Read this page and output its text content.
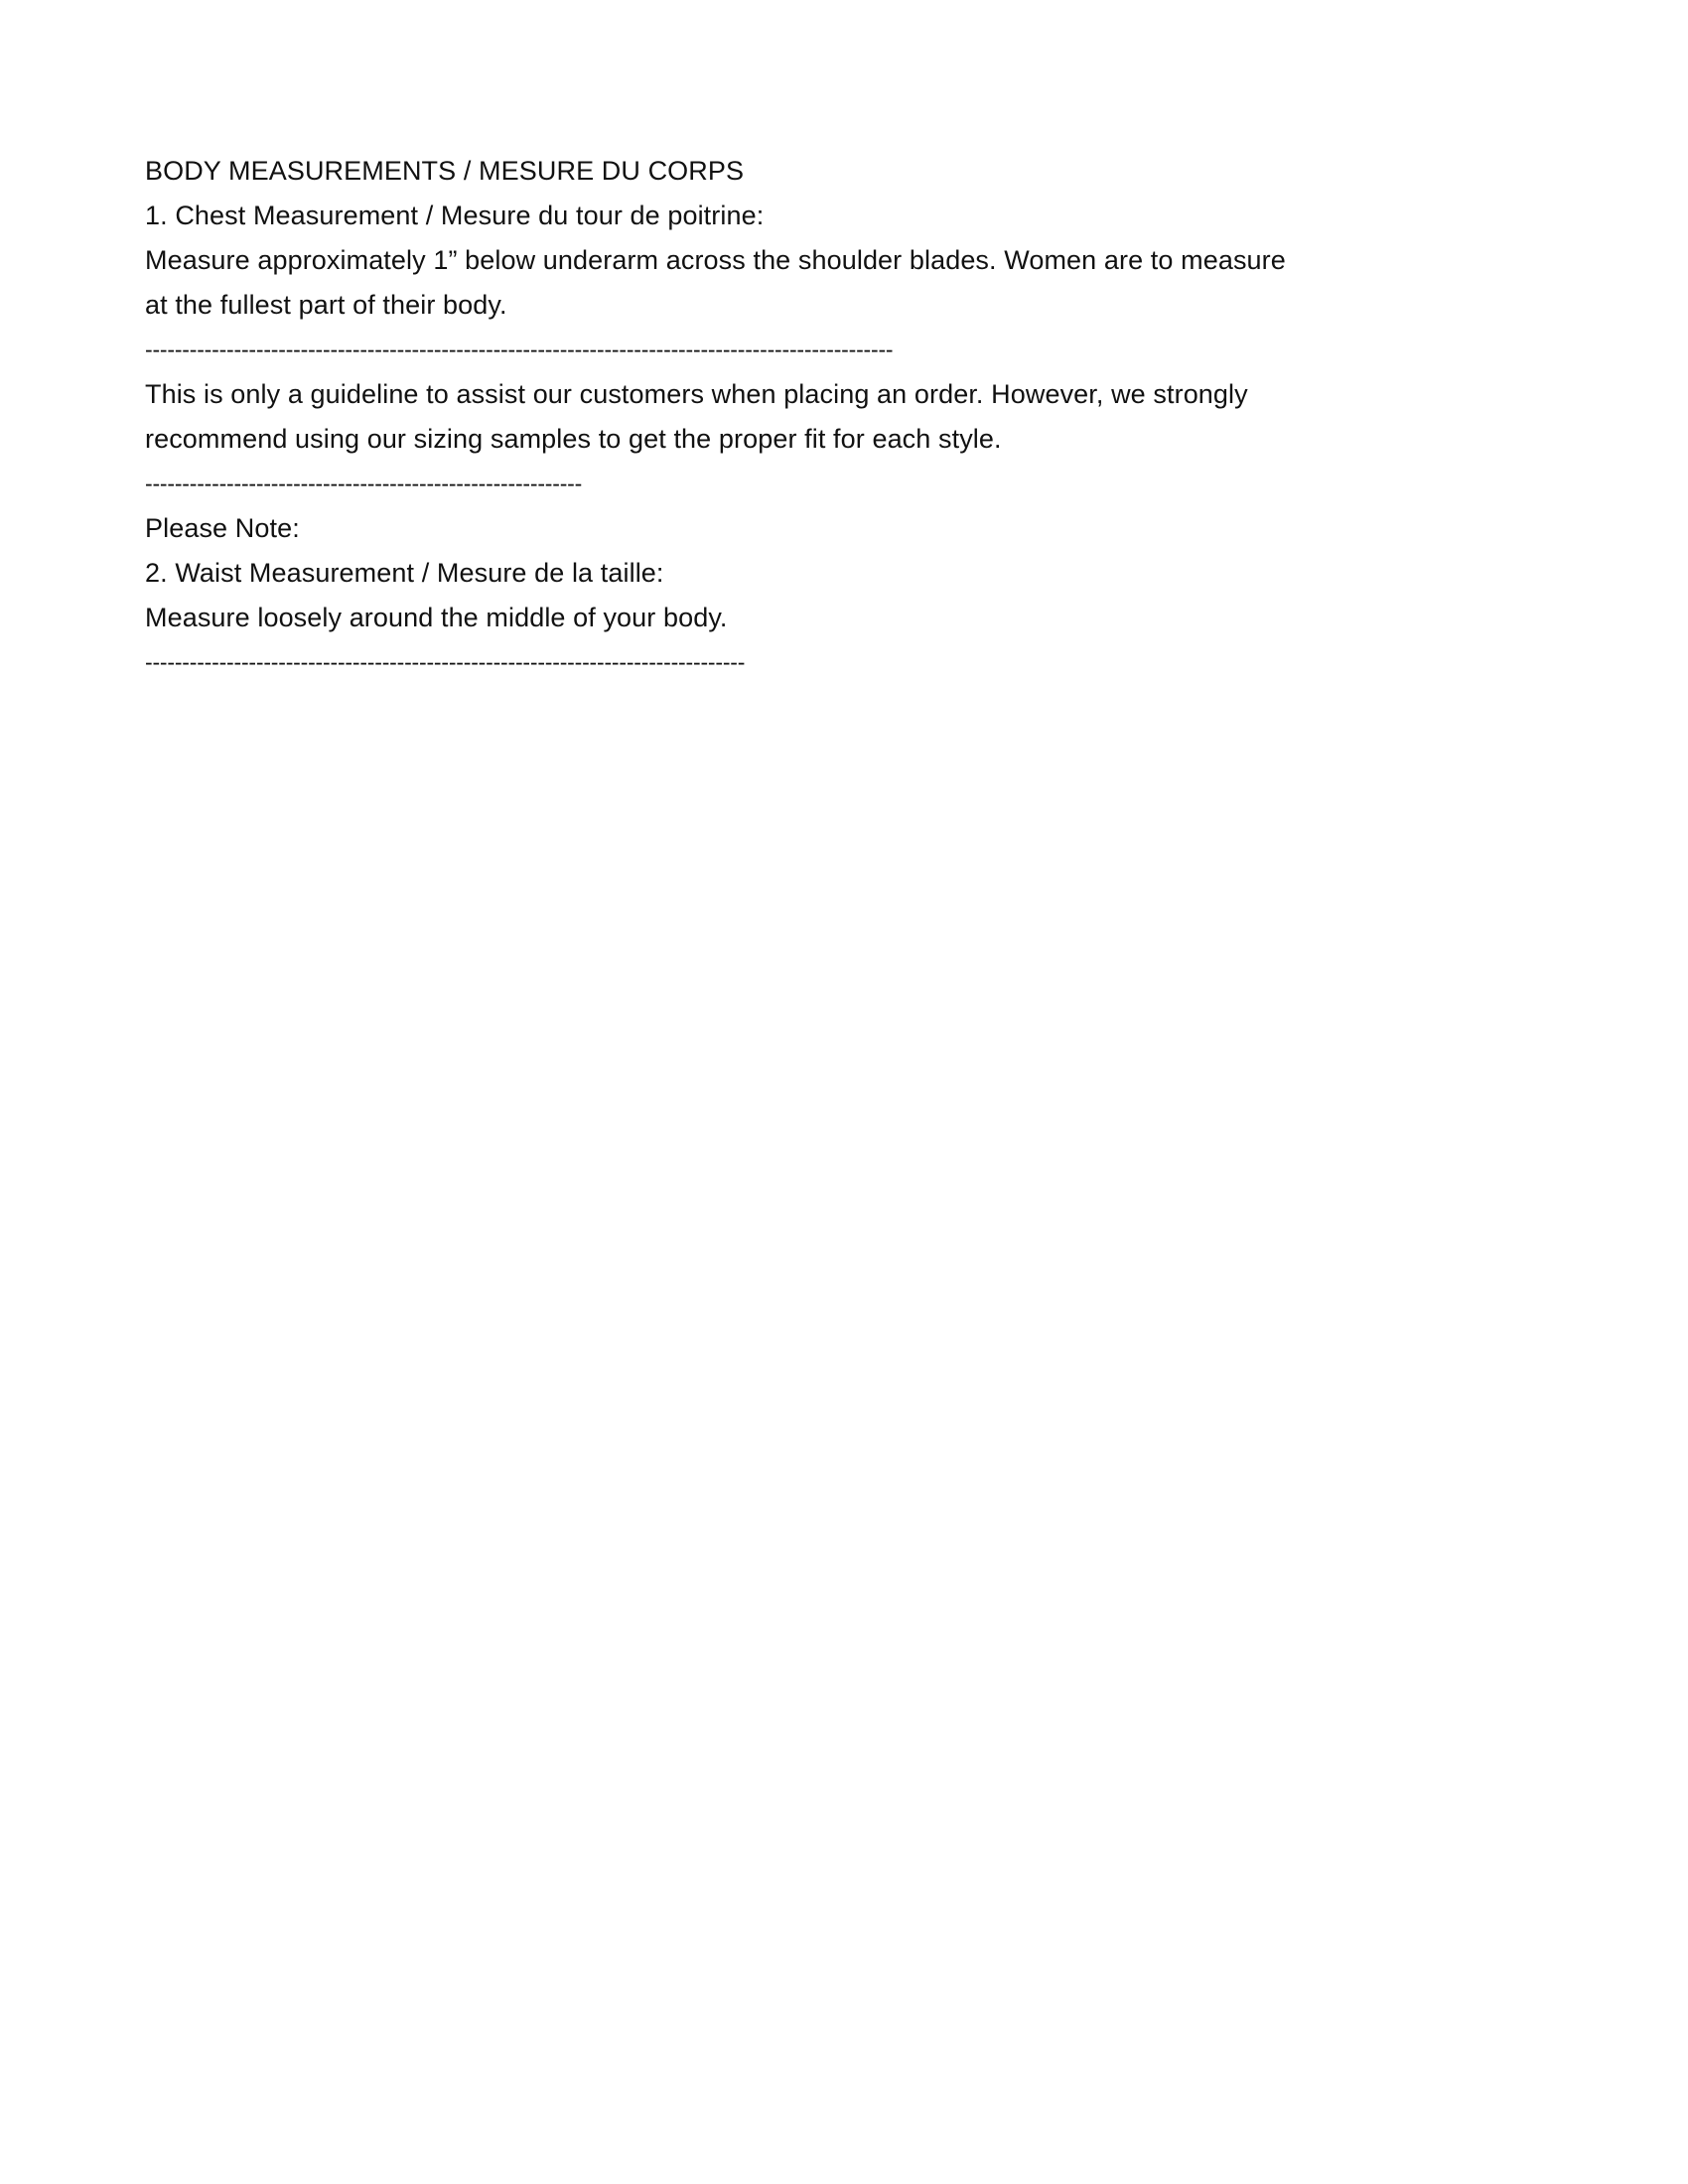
BODY MEASUREMENTS / MESURE DU CORPS
1. Chest Measurement / Mesure du tour de poitrine:
Measure approximately 1” below underarm across the shoulder blades. Women are to measure at the fullest part of their body.
-----------------------------------------------------------------------------------------------------
This is only a guideline to assist our customers when placing an order. However, we strongly recommend using our sizing samples to get the proper fit for each style.
-----------------------------------------------------------
Please Note:
2. Waist Measurement / Mesure de la taille:
Measure loosely around the middle of your body.
---------------------------------------------------------------------------------
